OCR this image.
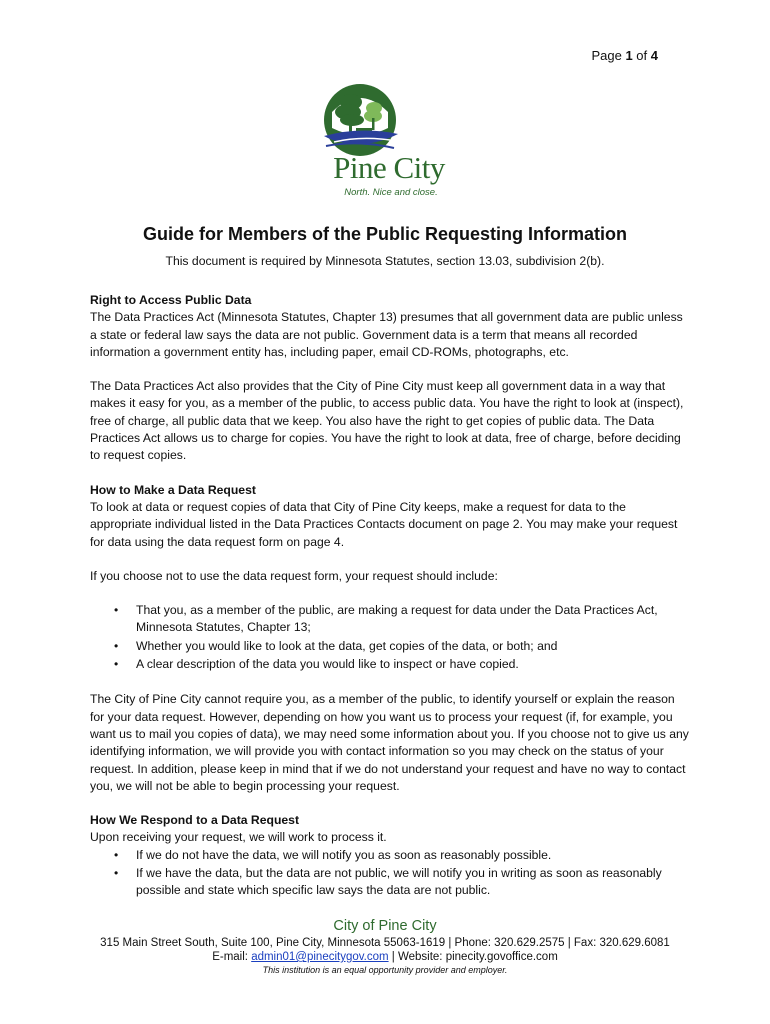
Page 1 of 4
Pine City
North. Nice and close.
Guide for Members of the Public Requesting Information
This document is required by Minnesota Statutes, section 13.03, subdivision 2(b).
Right to Access Public Data

The Data Practices Act (Minnesota Statutes, Chapter 13) presumes that all government data are public unless a state or federal law says the data are not public. Government data is a term that means all recorded information a government entity has, including paper, email CD-ROMs, photographs, etc.

The Data Practices Act also provides that the City of Pine City must keep all government data in a way that makes it easy for you, as a member of the public, to access public data. You have the right to look at (inspect), free of charge, all public data that we keep. You also have the right to get copies of public data. The Data Practices Act allows us to charge for copies. You have the right to look at data, free of charge, before deciding to request copies.

How to Make a Data Request

To look at data or request copies of data that City of Pine City keeps, make a request for data to the appropriate individual listed in the Data Practices Contacts document on page 2. You may make your request for data using the data request form on page 4.

If you choose not to use the data request form, your request should include:

• That you, as a member of the public, are making a request for data under the Data Practices Act, Minnesota Statutes, Chapter 13;
• Whether you would like to look at the data, get copies of the data, or both; and
• A clear description of the data you would like to inspect or have copied.

The City of Pine City cannot require you, as a member of the public, to identify yourself or explain the reason for your data request. However, depending on how you want us to process your request (if, for example, you want us to mail you copies of data), we may need some information about you. If you choose not to give us any identifying information, we will provide you with contact information so you may check on the status of your request. In addition, please keep in mind that if we do not understand your request and have no way to contact you, we will not be able to begin processing your request.

How We Respond to a Data Request

Upon receiving your request, we will work to process it.

• If we do not have the data, we will notify you as soon as reasonably possible.
• If we have the data, but the data are not public, we will notify you in writing as soon as reasonably possible and state which specific law says the data are not public.
City of Pine City
315 Main Street South, Suite 100, Pine City, Minnesota 55063-1619 | Phone: 320.629.2575 | Fax: 320.629.6081
E-mail: admin01@pinecitygov.com | Website: pinecity.govoffice.com
This institution is an equal opportunity provider and employer.
